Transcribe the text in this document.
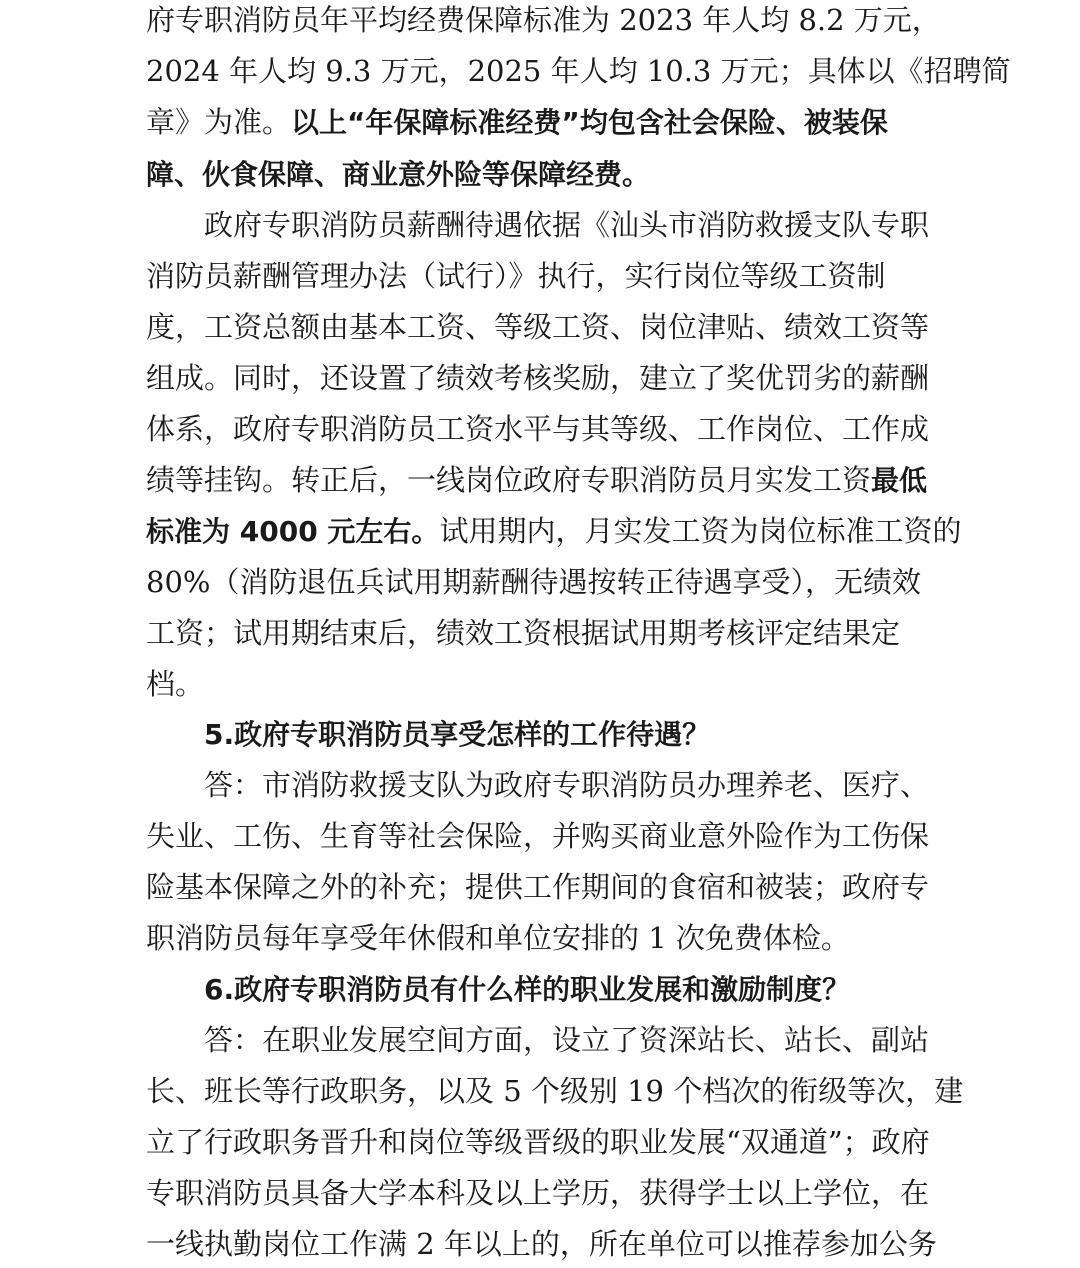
府专职消防员年平均经费保障标准为 2023 年人均 8.2 万元，
2024 年人均 9.3 万元，2025 年人均 10.3 万元；具体以《招聘简
章》为准。以上“年保障标准经费”均包含社会保险、被装保
障、伙食保障、商业意外险等保障经费。
政府专职消防员薪酬待遇依据《汕头市消防救援支队专职
消防员薪酬管理办法（试行）》执行，实行岗位等级工资制
度，工资总额由基本工资、等级工资、岗位津贴、绩效工资等
组成。同时，还设置了绩效考核奖励，建立了奖优罚劣的薪酬
体系，政府专职消防员工资水平与其等级、工作岗位、工作成
绩等挂钩。转正后，一线岗位政府专职消防员月实发工资最低
标准为 4000 元左右。试用期内，月实发工资为岗位标准工资的
80%（消防退伍兵试用期薪酬待遇按转正待遇享受），无绩效
工资；试用期结束后，绩效工资根据试用期考核评定结果定
档。
5.政府专职消防员享受怎样的工作待遇？
答：市消防救援支队为政府专职消防员办理养老、医疗、
失业、工伤、生育等社会保险，并购买商业意外险作为工伤保
险基本保障之外的补充；提供工作期间的食宿和被装；政府专
职消防员每年享受年休假和单位安排的 1 次免费体检。
6.政府专职消防员有什么样的职业发展和激励制度？
答：在职业发展空间方面，设立了资深站长、站长、副站
长、班长等行政职务，以及 5 个级别 19 个档次的衔级等次，建
立了行政职务晋升和岗位等级晋级的职业发展“双通道”；政府
专职消防员具备大学本科及以上学历，获得学士以上学位，在
一线执勤岗位工作满 2 年以上的，所在单位可以推荐参加公务
